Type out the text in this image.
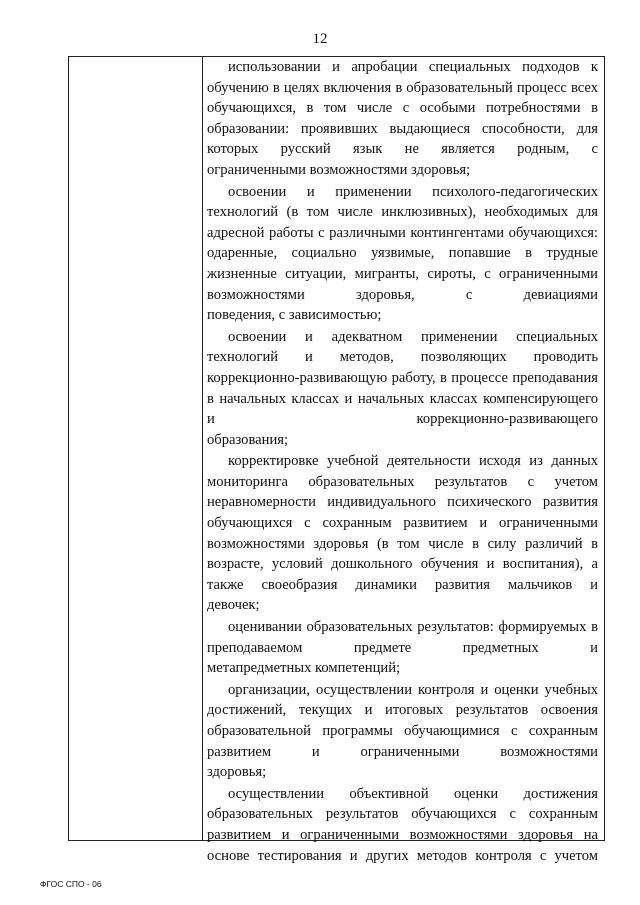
12
использовании и апробации специальных подходов к обучению в целях включения в образовательный процесс всех обучающихся, в том числе с особыми потребностями в образовании: проявивших выдающиеся способности, для которых русский язык не является родным, с
ограниченными возможностями здоровья;
освоении и применении психолого-педагогических технологий (в том числе инклюзивных), необходимых для адресной работы с различными контингентами обучающихся: одаренные, социально уязвимые, попавшие в трудные жизненные ситуации, мигранты, сироты, с ограниченными возможностями здоровья, с девиациями
поведения, с зависимостью;
освоении и адекватном применении специальных технологий и методов, позволяющих проводить коррекционно-развивающую работу, в процессе преподавания в начальных классах и начальных классах компенсирующего и коррекционно-развивающего
образования;
корректировке учебной деятельности исходя из данных мониторинга образовательных результатов с учетом неравномерности индивидуального психического развития обучающихся с сохранным развитием и ограниченными возможностями здоровья (в том числе в силу различий в возрасте, условий дошкольного обучения и воспитания), а также своеобразия динамики развития мальчиков и
девочек;
оценивании образовательных результатов: формируемых в преподаваемом предмете предметных и
метапредметных компетенций;
организации, осуществлении контроля и оценки учебных достижений, текущих и итоговых результатов освоения образовательной программы обучающимися с сохранным развитием и ограниченными возможностями
здоровья;
осуществлении объективной оценки достижения образовательных результатов обучающихся с сохранным развитием и ограниченными возможностями здоровья на основе тестирования и других методов контроля с учетом
ФГОС СПО - 06
